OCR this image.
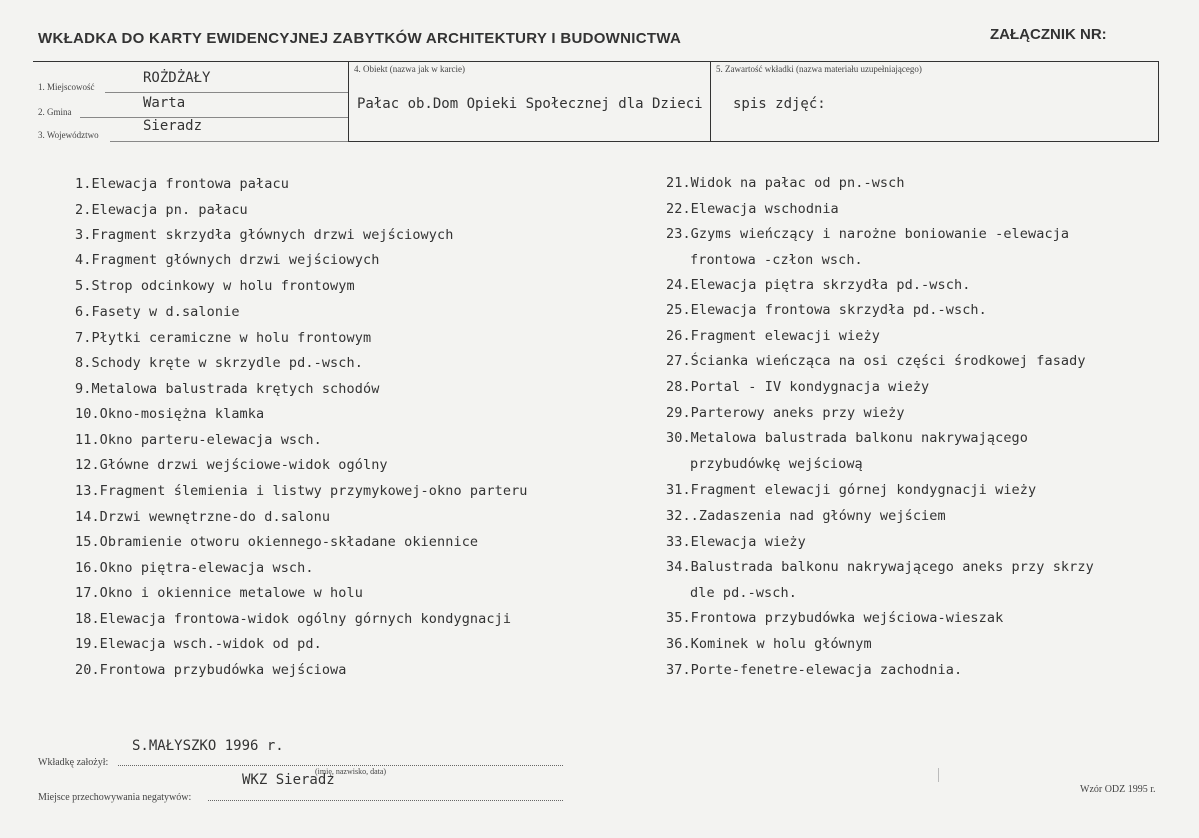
WKŁADKA DO KARTY EWIDENCYJNEJ ZABYTKÓW ARCHITEKTURY I BUDOWNICTWA	ZAŁĄCZNIK NR:
1. Miejscowość
ROŻDŻAŁY
2. Gmina
Warta
3. Województwo
Sieradz
4. Obiekt (nazwa jak w karcie)
Pałac ob.Dom Opieki Społecznej dla Dzieci
5. Zawartość wkładki (nazwa materiału uzupełniającego)
spis zdjęć:
1.Elewacja frontowa pałacu
2.Elewacja pn. pałacu
3.Fragment skrzydła głównych drzwi wejściowych
4.Fragment głównych drzwi wejściowych
5.Strop odcinkowy w holu frontowym
6.Fasety w d.salonie
7.Płytki ceramiczne w holu frontowym
8.Schody kręte w skrzydle pd.-wsch.
9.Metalowa balustrada krętych schodów
10.Okno-mosiężna klamka
11.Okno parteru-elewacja wsch.
12.Główne drzwi wejściowe-widok ogólny
13.Fragment ślemienia i listwy przymykowej-okno parteru
14.Drzwi wewnętrzne-do d.salonu
15.Obramienie otworu okiennego-składane okiennice
16.Okno piętra-elewacja wsch.
17.Okno i okiennice metalowe w holu
18.Elewacja frontowa-widok ogólny górnych kondygnacji
19.Elewacja wsch.-widok od pd.
20.Frontowa przybudówka wejściowa
21.Widok na pałac od pn.-wsch
22.Elewacja wschodnia
23.Gzyms wieńczący i narożne boniowanie -elewacja
frontowa -człon wsch.
24.Elewacja piętra skrzydła pd.-wsch.
25.Elewacja frontowa skrzydła pd.-wsch.
26.Fragment elewacji wieży
27.Ścianka wieńcząca na osi części środkowej fasady
28.Portal - IV kondygnacja wieży
29.Parterowy aneks przy wieży
30.Metalowa balustrada balkonu nakrywającego
przybudówkę wejściową
31.Fragment elewacji górnej kondygnacji wieży
32..Zadaszenia nad główny wejściem
33.Elewacja wieży
34.Balustrada balkonu nakrywającego aneks przy skrzy
dle pd.-wsch.
35.Frontowa przybudówka wejściowa-wieszak
36.Kominek w holu głównym
37.Porte-fenetre-elewacja zachodnia.
S.MAŁYSZKO 1996 r.
Wkładkę założył:
(imię, nazwisko, data)
WKZ Sieradz
Miejsce przechowywania negatywów:
Wzór ODZ 1995 r.
